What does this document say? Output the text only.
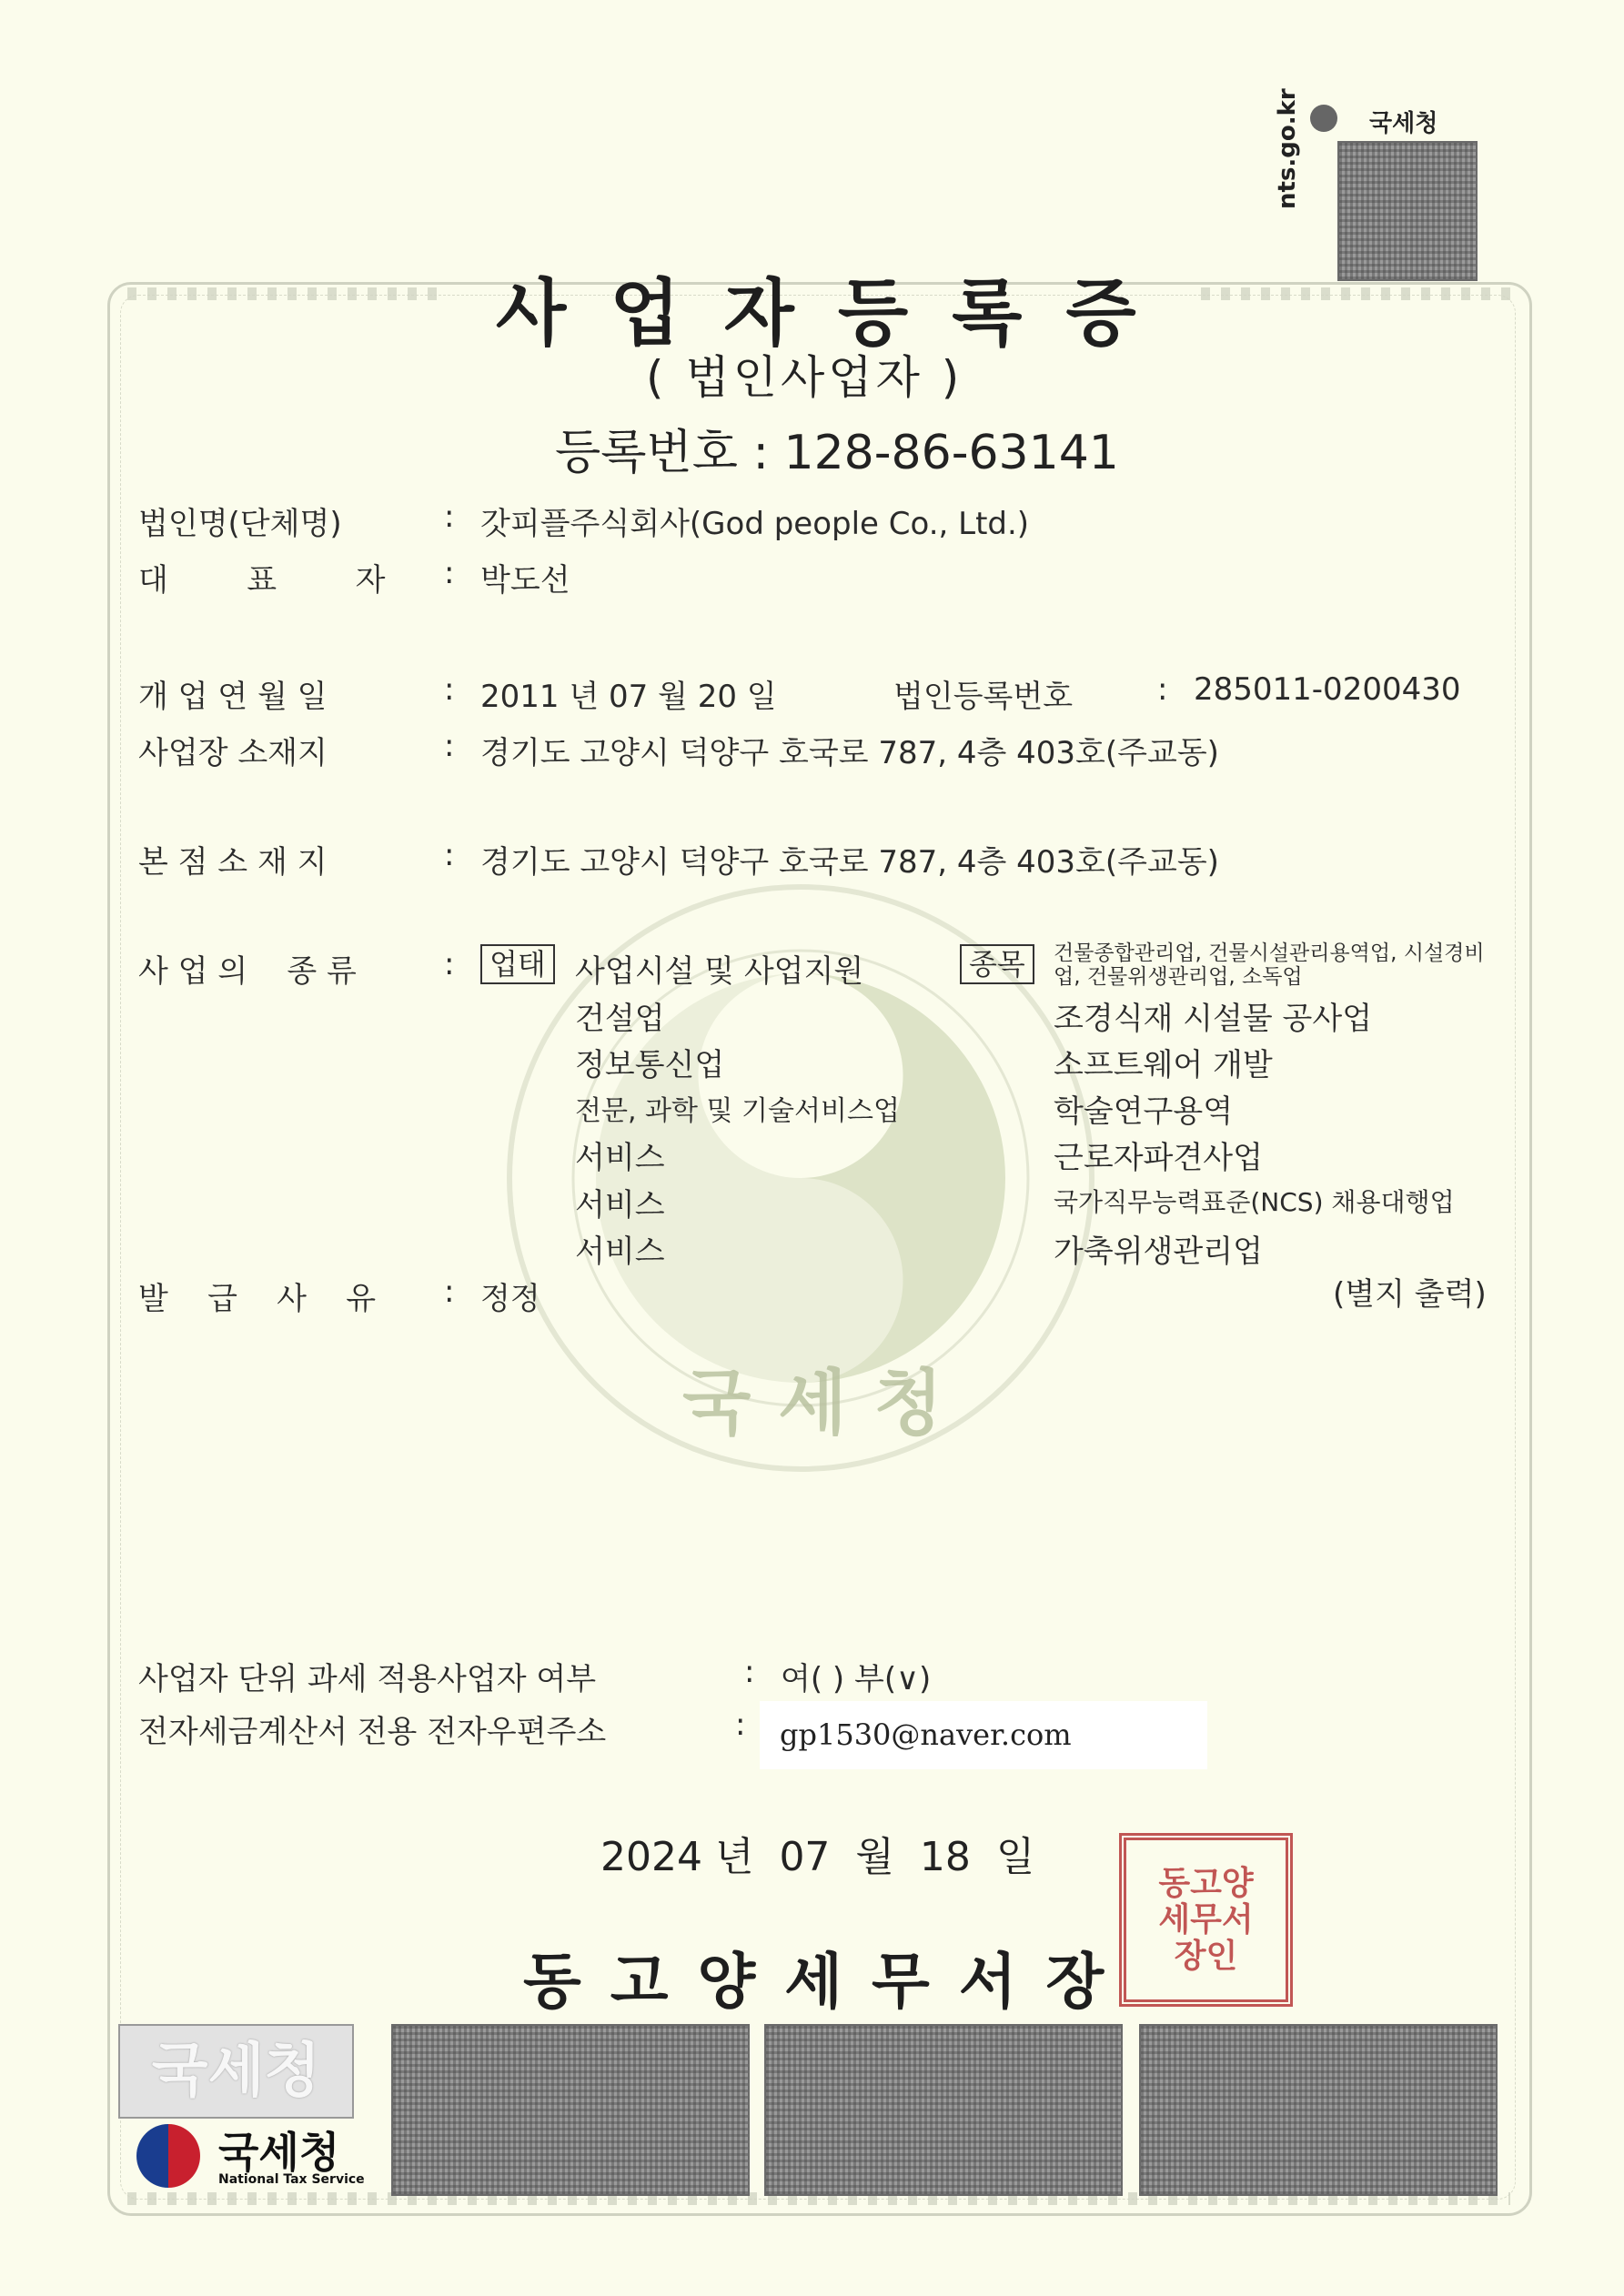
국세청
국세청
nts.go.kr
사업자등록증
( 법인사업자 )
등록번호 : 128-86-63141
법인명(단체명)	: 갓피플주식회사(God people Co., Ltd.)
대        표        자 : 박도선
개 업 연 월 일	: 2011 년 07 월 20 일	법인등록번호	: 285011-0200430
사업장 소재지	: 경기도 고양시 덕양구 호국로 787, 4층 403호(주교동)
본 점 소 재 지	: 경기도 고양시 덕양구 호국로 787, 4층 403호(주교동)
사 업 의    종 류	:	업태	종목
사업시설 및 사업지원	건물종합관리업, 건물시설관리용역업, 시설경비업, 건물위생관리업, 소독업
건설업	조경식재 시설물 공사업
정보통신업	소프트웨어 개발
전문, 과학 및 기술서비스업	학술연구용역
서비스	근로자파견사업
서비스	국가직무능력표준(NCS) 채용대행업
서비스	가축위생관리업
발    급    사    유 : 정정	(별지 출력)
사업자 단위 과세 적용사업자 여부	: 여( ) 부(∨)
전자세금계산서 전용 전자우편주소	:	gp1530@naver.com
2024 년  07  월  18  일
동고양세무서장
동고양세무서장인
국세청
국세청
National Tax Service
